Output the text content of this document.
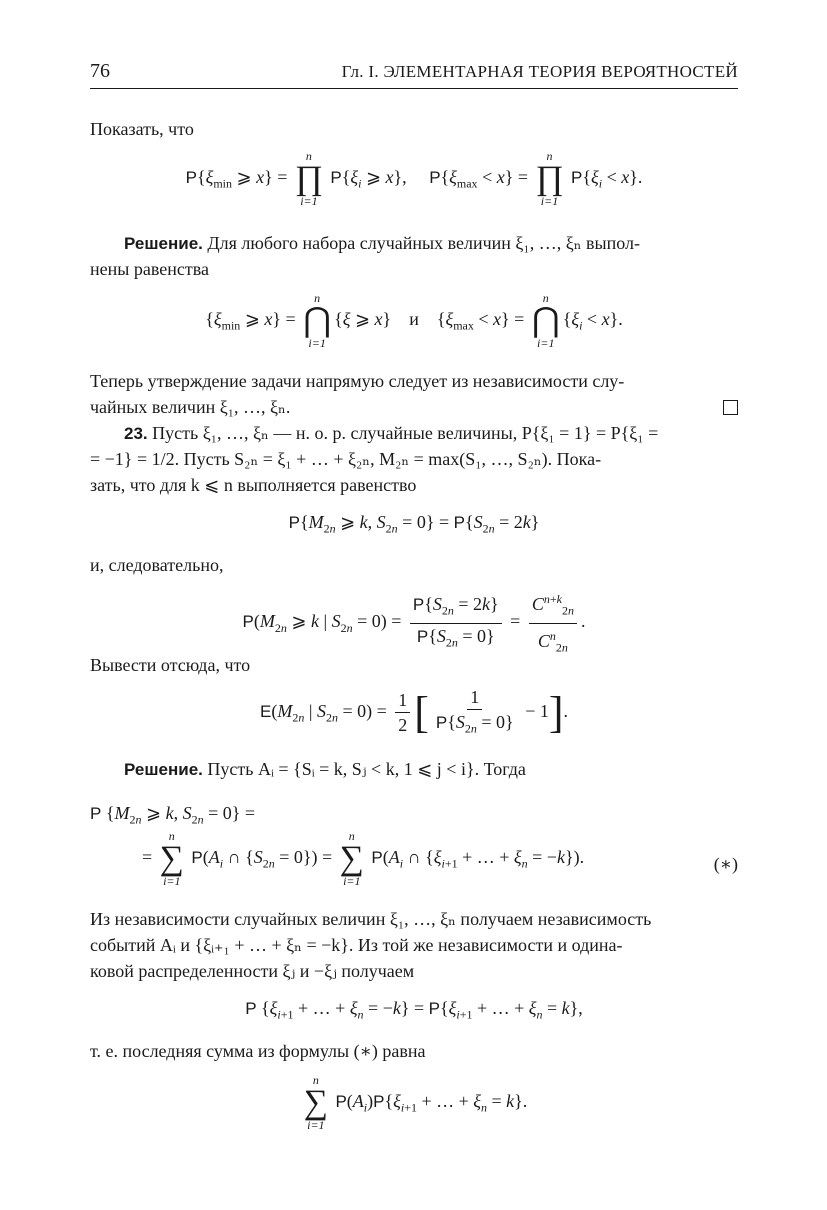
76	Гл. I. ЭЛЕМЕНТАРНАЯ ТЕОРИЯ ВЕРОЯТНОСТЕЙ
Показать, что
$P\{\xi_{min}$ ⩾ x} =
n
∏
i=1
$P\{\xi_i$ ⩾ x},     $P\{\xi_{max} < x\}$ =
n
∏
i=1
$P\{\xi_i < x\}$.
Решение. Для любого набора случайных величин ξ₁, …, ξₙ выпол-
нены равенства
{$\xi_{min}$ ⩾ x} =
n
⋂
i=1
{ξ ⩾ x}    и    $\{\xi_{max} < x\}$ =
n
⋂
i=1
$\{\xi_i < x\}$.
Теперь утверждение задачи напрямую следует из независимости слу-
чайных величин ξ₁, …, ξₙ.
23. Пусть ξ₁, …, ξₙ — н. о. р. случайные величины, P{ξ₁ = 1} = P{ξ₁ =
= −1} = 1/2. Пусть S₂ₙ = ξ₁ + … + ξ₂ₙ, M₂ₙ = max(S₁, …, S₂ₙ). Пока-
зать, что для k ⩽ n выполняется равенство
$P\{M_{2n}$ ⩾ k, $S_{2n} = 0\} = P\{S_{2n} = 2k\}$
и, следовательно,
$P(M_{2n}$ ⩾ k | $S_{2n} = 0) = \frac{P\{S_{2n} = 2k\}}{P\{S_{2n} = 0\}} = \frac{C^{n+k}_{2n}}{C^n_{2n}}$ .
Вывести отсюда, что
$E(M_{2n}$ | $S_{2n} = 0) = \frac{1}{2}$ [ $\frac{1}{P\{S_{2n} = 0\}} - 1$].
Решение. Пусть Aᵢ = {Sᵢ = k, Sⱼ < k, 1 ⩽ j < i}. Тогда
P {$M_{2n}$ ⩾ k, $S_{2n} = 0$} =
=
n
∑
i=1
$P(A_i$ ∩ $\{S_{2n} = 0\}$) =
n
∑
i=1
$P(A_i$ ∩ {$\xi_{i+1}$ + … + $\xi_n = -k$}).	(∗)
Из независимости случайных величин ξ₁, …, ξₙ получаем независимость
событий Aᵢ и {ξᵢ₊₁ + … + ξₙ = −k}. Из той же независимости и одина-
ковой распределенности ξⱼ и −ξⱼ получаем
P {$\xi_{i+1}$ + … + $\xi_n = -k\} = P\{\xi_{i+1}$ + … + $\xi_n = k$},
т. е. последняя сумма из формулы (∗) равна
n
∑
i=1
$P(A_i)P\{\xi_{i+1}$ + … + $\xi_n = k$}.
